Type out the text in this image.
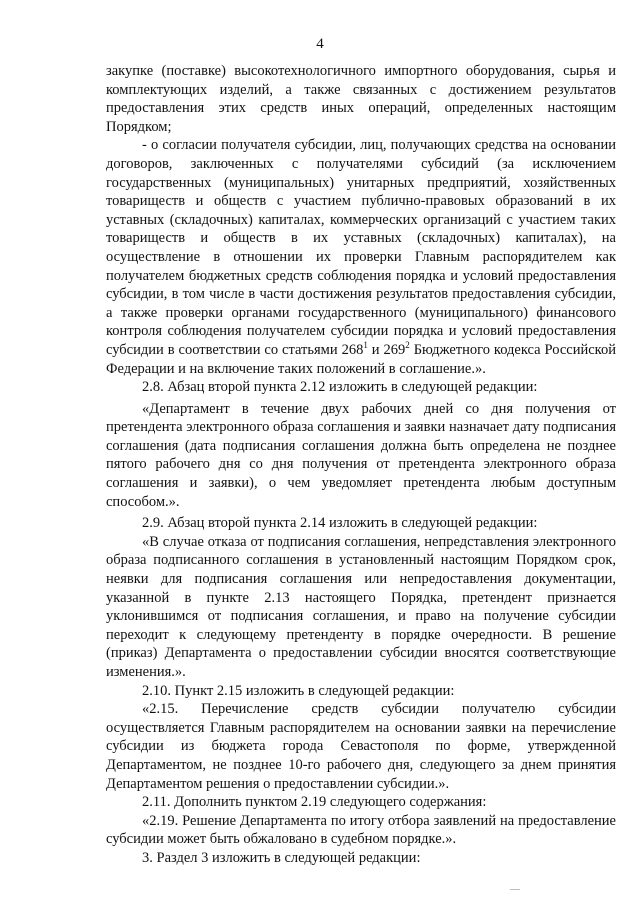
4

закупке (поставке) высокотехнологичного импортного оборудования, сырья и комплектующих изделий, а также связанных с достижением результатов предоставления этих средств иных операций, определенных настоящим Порядком;

- о согласии получателя субсидии, лиц, получающих средства на основании договоров, заключенных с получателями субсидий (за исключением государственных (муниципальных) унитарных предприятий, хозяйственных товариществ и обществ с участием публично-правовых образований в их уставных (складочных) капиталах, коммерческих организаций с участием таких товариществ и обществ в их уставных (складочных) капиталах), на осуществление в отношении их проверки Главным распорядителем как получателем бюджетных средств соблюдения порядка и условий предоставления субсидии, в том числе в части достижения результатов предоставления субсидии, а также проверки органами государственного (муниципального) финансового контроля соблюдения получателем субсидии порядка и условий предоставления субсидии в соответствии со статьями $268^1$ и $269^2$ Бюджетного кодекса Российской Федерации и на включение таких положений в соглашение.».

2.8. Абзац второй пункта 2.12 изложить в следующей редакции:

«Департамент в течение двух рабочих дней со дня получения от претендента электронного образа соглашения и заявки назначает дату подписания соглашения (дата подписания соглашения должна быть определена не позднее пятого рабочего дня со дня получения от претендента электронного образа соглашения и заявки), о чем уведомляет претендента любым доступным способом.».

2.9. Абзац второй пункта 2.14 изложить в следующей редакции:

«В случае отказа от подписания соглашения, непредставления электронного образа подписанного соглашения в установленный настоящим Порядком срок, неявки для подписания соглашения или непредоставления документации, указанной в пункте 2.13 настоящего Порядка, претендент признается уклонившимся от подписания соглашения, и право на получение субсидии переходит к следующему претенденту в порядке очередности. В решение (приказ) Департамента о предоставлении субсидии вносятся соответствующие изменения.».

2.10. Пункт 2.15 изложить в следующей редакции:

«2.15. Перечисление средств субсидии получателю субсидии осуществляется Главным распорядителем на основании заявки на перечисление субсидии из бюджета города Севастополя по форме, утвержденной Департаментом, не позднее 10-го рабочего дня, следующего за днем принятия Департаментом решения о предоставлении субсидии.».

2.11. Дополнить пунктом 2.19 следующего содержания:

«2.19. Решение Департамента по итогу отбора заявлений на предоставление субсидии может быть обжаловано в судебном порядке.».

3. Раздел 3 изложить в следующей редакции:
